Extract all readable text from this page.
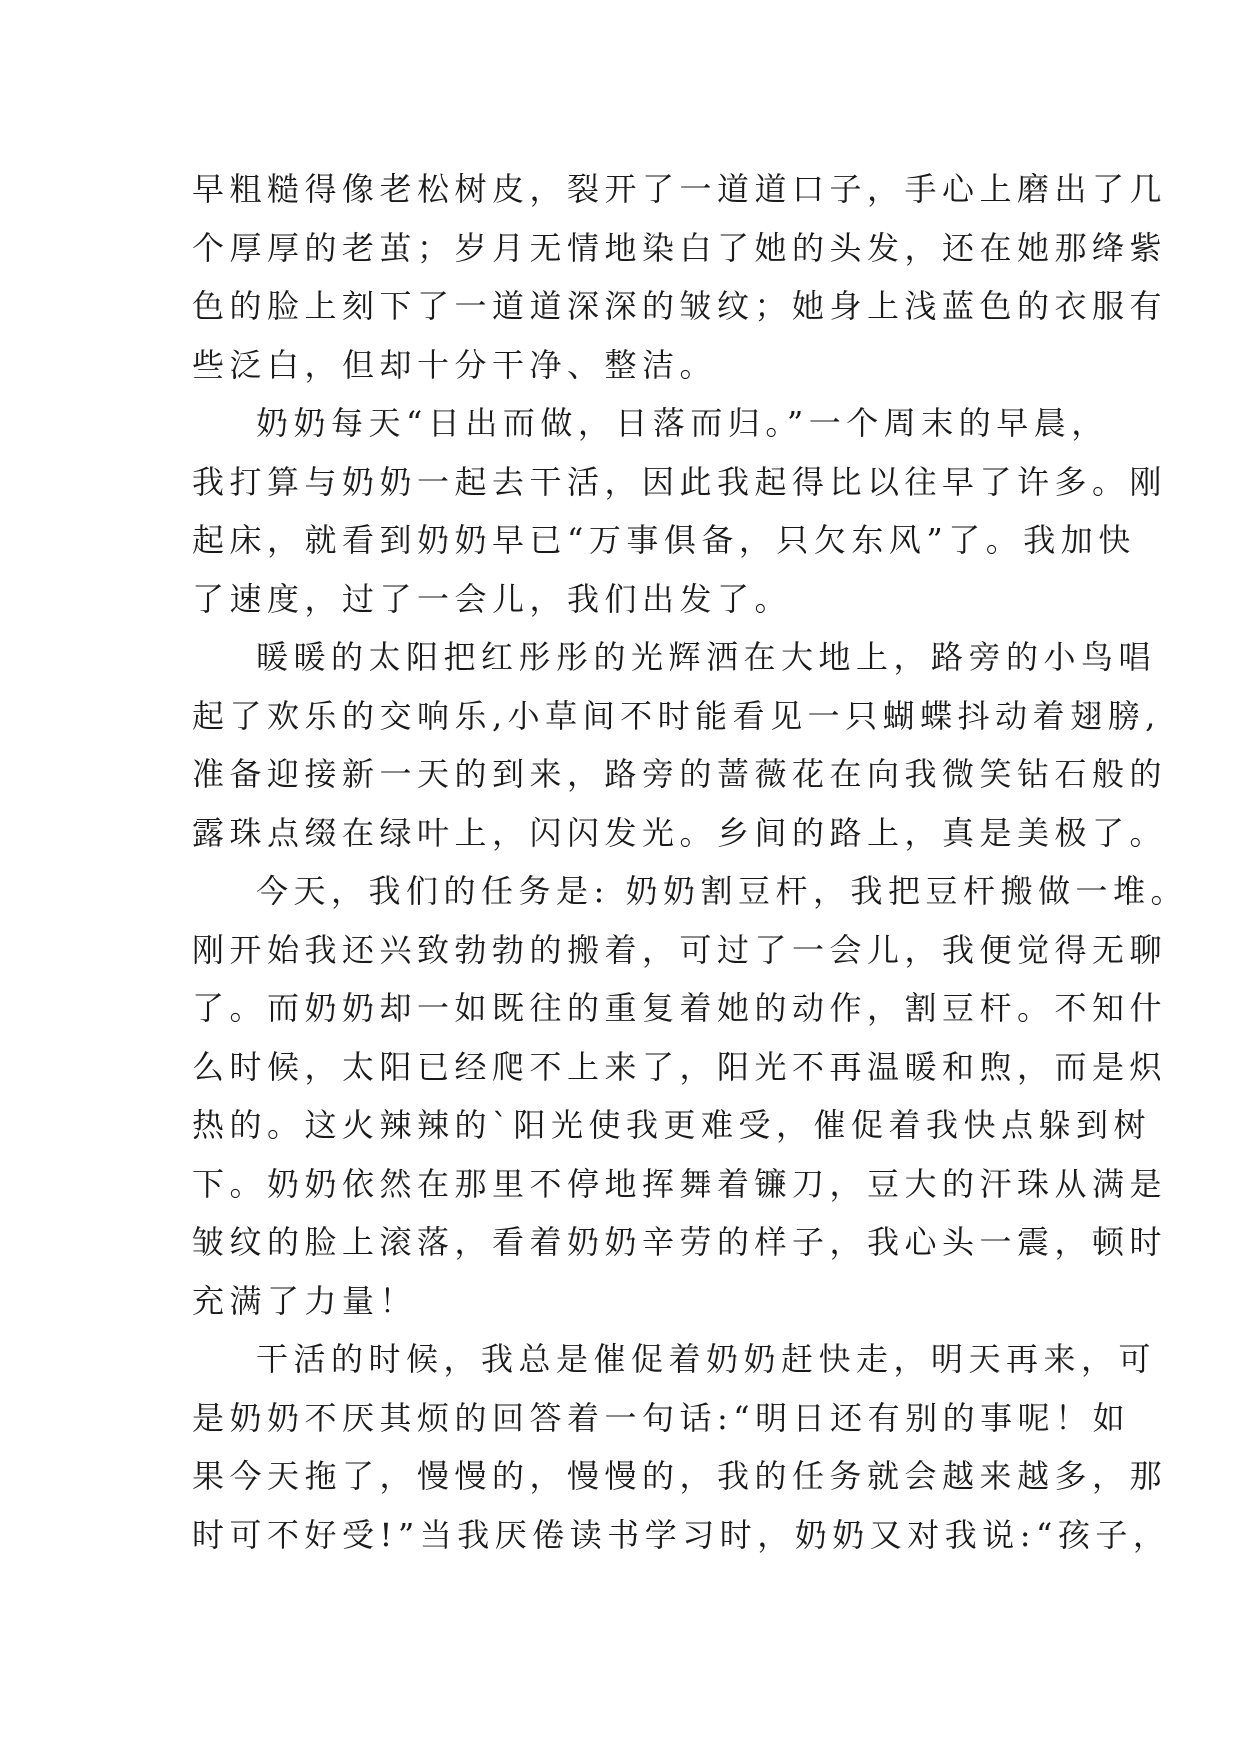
早粗糙得像老松树皮，裂开了一道道口子，手心上磨出了几
个厚厚的老茧；岁月无情地染白了她的头发，还在她那绛紫
色的脸上刻下了一道道深深的皱纹；她身上浅蓝色的衣服有
些泛白，但却十分干净、整洁。
奶奶每天“日出而做，日落而归。”一个周末的早晨，
我打算与奶奶一起去干活，因此我起得比以往早了许多。刚
起床，就看到奶奶早已“万事俱备，只欠东风”了。我加快
了速度，过了一会儿，我们出发了。
暖暖的太阳把红彤彤的光辉洒在大地上，路旁的小鸟唱
起了欢乐的交响乐,小草间不时能看见一只蝴蝶抖动着翅膀,
准备迎接新一天的到来，路旁的蔷薇花在向我微笑钻石般的
露珠点缀在绿叶上，闪闪发光。乡间的路上，真是美极了。
今天，我们的任务是: 奶奶割豆杆，我把豆杆搬做一堆。
刚开始我还兴致勃勃的搬着，可过了一会儿，我便觉得无聊
了。而奶奶却一如既往的重复着她的动作，割豆杆。不知什
么时候，太阳已经爬不上来了，阳光不再温暖和煦，而是炽
热的。这火辣辣的`阳光使我更难受，催促着我快点躲到树
下。奶奶依然在那里不停地挥舞着镰刀，豆大的汗珠从满是
皱纹的脸上滚落，看着奶奶辛劳的样子，我心头一震，顿时
充满了力量！
干活的时候，我总是催促着奶奶赶快走，明天再来，可
是奶奶不厌其烦的回答着一句话:“明日还有别的事呢！如
果今天拖了，慢慢的，慢慢的，我的任务就会越来越多，那
时可不好受!”当我厌倦读书学习时，奶奶又对我说:“孩子，
